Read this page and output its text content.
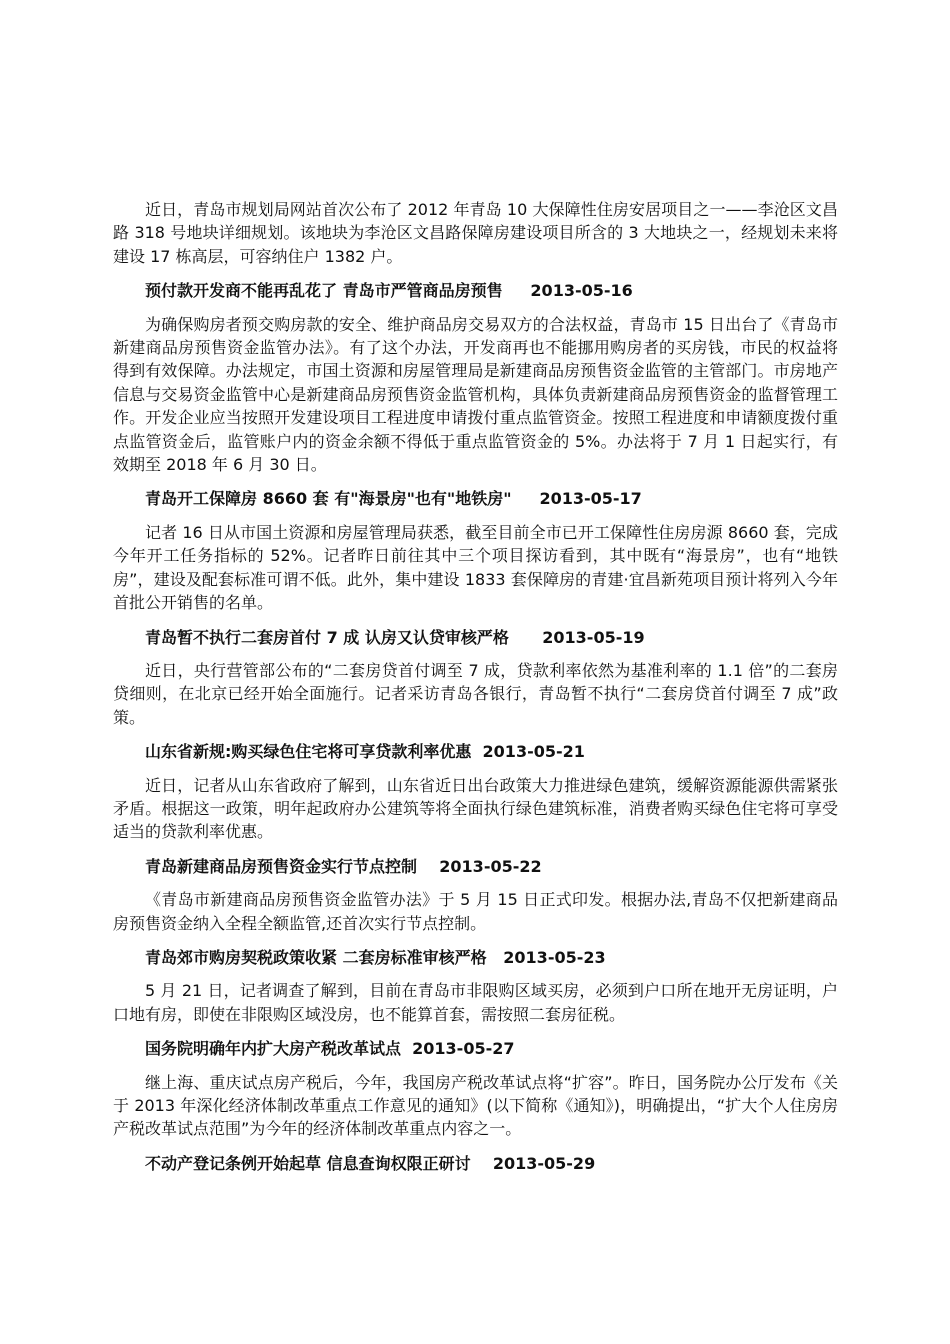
近日，青岛市规划局网站首次公布了 2012 年青岛 10 大保障性住房安居项目之一——李沧区文昌路 318 号地块详细规划。该地块为李沧区文昌路保障房建设项目所含的 3 大地块之一，经规划未来将建设 17 栋高层，可容纳住户 1382 户。

预付款开发商不能再乱花了 青岛市严管商品房预售     2013-05-16

为确保购房者预交购房款的安全、维护商品房交易双方的合法权益，青岛市 15 日出台了《青岛市新建商品房预售资金监管办法》。有了这个办法，开发商再也不能挪用购房者的买房钱，市民的权益将得到有效保障。办法规定，市国土资源和房屋管理局是新建商品房预售资金监管的主管部门。市房地产信息与交易资金监管中心是新建商品房预售资金监管机构，具体负责新建商品房预售资金的监督管理工作。开发企业应当按照开发建设项目工程进度申请拨付重点监管资金。按照工程进度和申请额度拨付重点监管资金后，监管账户内的资金余额不得低于重点监管资金的 5%。办法将于 7 月 1 日起实行，有效期至 2018 年 6 月 30 日。

青岛开工保障房 8660 套 有"海景房"也有"地铁房"     2013-05-17

记者 16 日从市国土资源和房屋管理局获悉，截至目前全市已开工保障性住房房源 8660 套，完成今年开工任务指标的 52%。记者昨日前往其中三个项目探访看到，其中既有“海景房”，也有“地铁房”，建设及配套标准可谓不低。此外，集中建设 1833 套保障房的青建·宜昌新苑项目预计将列入今年首批公开销售的名单。

青岛暂不执行二套房首付 7 成 认房又认贷审核严格      2013-05-19

近日，央行营管部公布的“二套房贷首付调至 7 成，贷款利率依然为基准利率的 1.1 倍”的二套房贷细则，在北京已经开始全面施行。记者采访青岛各银行，青岛暂不执行“二套房贷首付调至 7 成”政策。

山东省新规:购买绿色住宅将可享贷款利率优惠  2013-05-21

近日，记者从山东省政府了解到，山东省近日出台政策大力推进绿色建筑，缓解资源能源供需紧张矛盾。根据这一政策，明年起政府办公建筑等将全面执行绿色建筑标准，消费者购买绿色住宅将可享受适当的贷款利率优惠。

青岛新建商品房预售资金实行节点控制    2013-05-22

《青岛市新建商品房预售资金监管办法》于 5 月 15 日正式印发。根据办法,青岛不仅把新建商品房预售资金纳入全程全额监管,还首次实行节点控制。

青岛郊市购房契税政策收紧 二套房标准审核严格   2013-05-23

5 月 21 日，记者调查了解到，目前在青岛市非限购区域买房，必须到户口所在地开无房证明，户口地有房，即使在非限购区域没房，也不能算首套，需按照二套房征税。

国务院明确年内扩大房产税改革试点  2013-05-27

继上海、重庆试点房产税后，今年，我国房产税改革试点将“扩容”。昨日，国务院办公厅发布《关于 2013 年深化经济体制改革重点工作意见的通知》(以下简称《通知》)，明确提出，“扩大个人住房房产税改革试点范围”为今年的经济体制改革重点内容之一。

不动产登记条例开始起草 信息查询权限正研讨    2013-05-29
